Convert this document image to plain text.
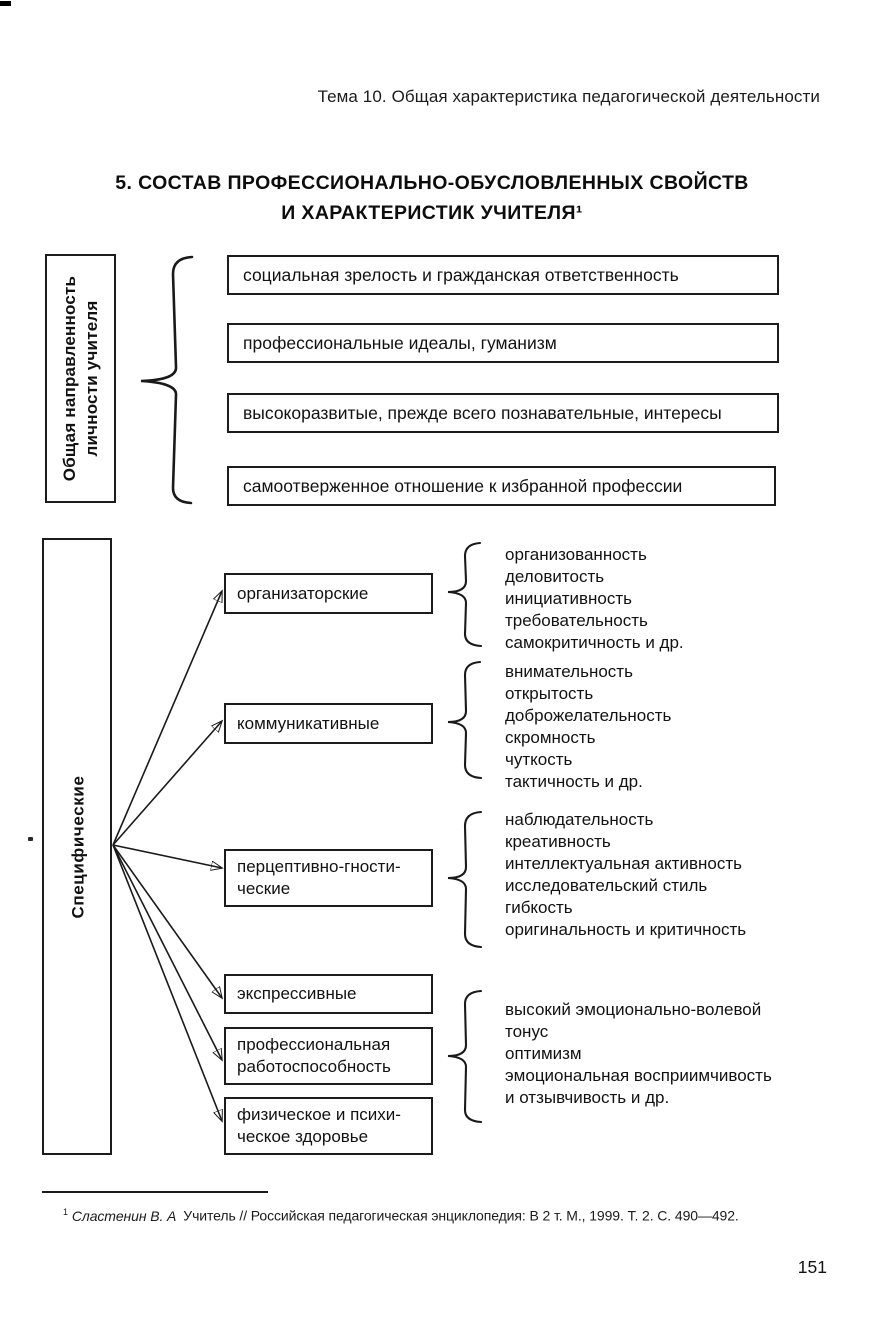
Тема 10. Общая характеристика педагогической деятельности
5. СОСТАВ ПРОФЕССИОНАЛЬНО-ОБУСЛОВЛЕННЫХ СВОЙСТВ
И ХАРАКТЕРИСТИК УЧИТЕЛЯ¹
Общая направленность личности учителя
социальная зрелость и гражданская ответственность
профессиональные идеалы, гуманизм
высокоразвитые, прежде всего познавательные, интересы
самоотверженное отношение к избранной профессии
Специфические
организаторские
коммуникативные
перцептивно-гности-
ческие
экспрессивные
профессиональная
работоспособность
физическое и психи-
ческое здоровье
организованность
деловитость
инициативность
требовательность
самокритичность и др.
внимательность
открытость
доброжелательность
скромность
чуткость
тактичность и др.
наблюдательность
креативность
интеллектуальная активность
исследовательский стиль
гибкость
оригинальность и критичность
высокий эмоционально-волевой
тонус
оптимизм
эмоциональная восприимчивость
и отзывчивость и др.
$^1$ Сластенин В. А Учитель // Российская педагогическая энциклопедия: В 2 т. М., 1999. Т. 2. С. 490—492.
151
